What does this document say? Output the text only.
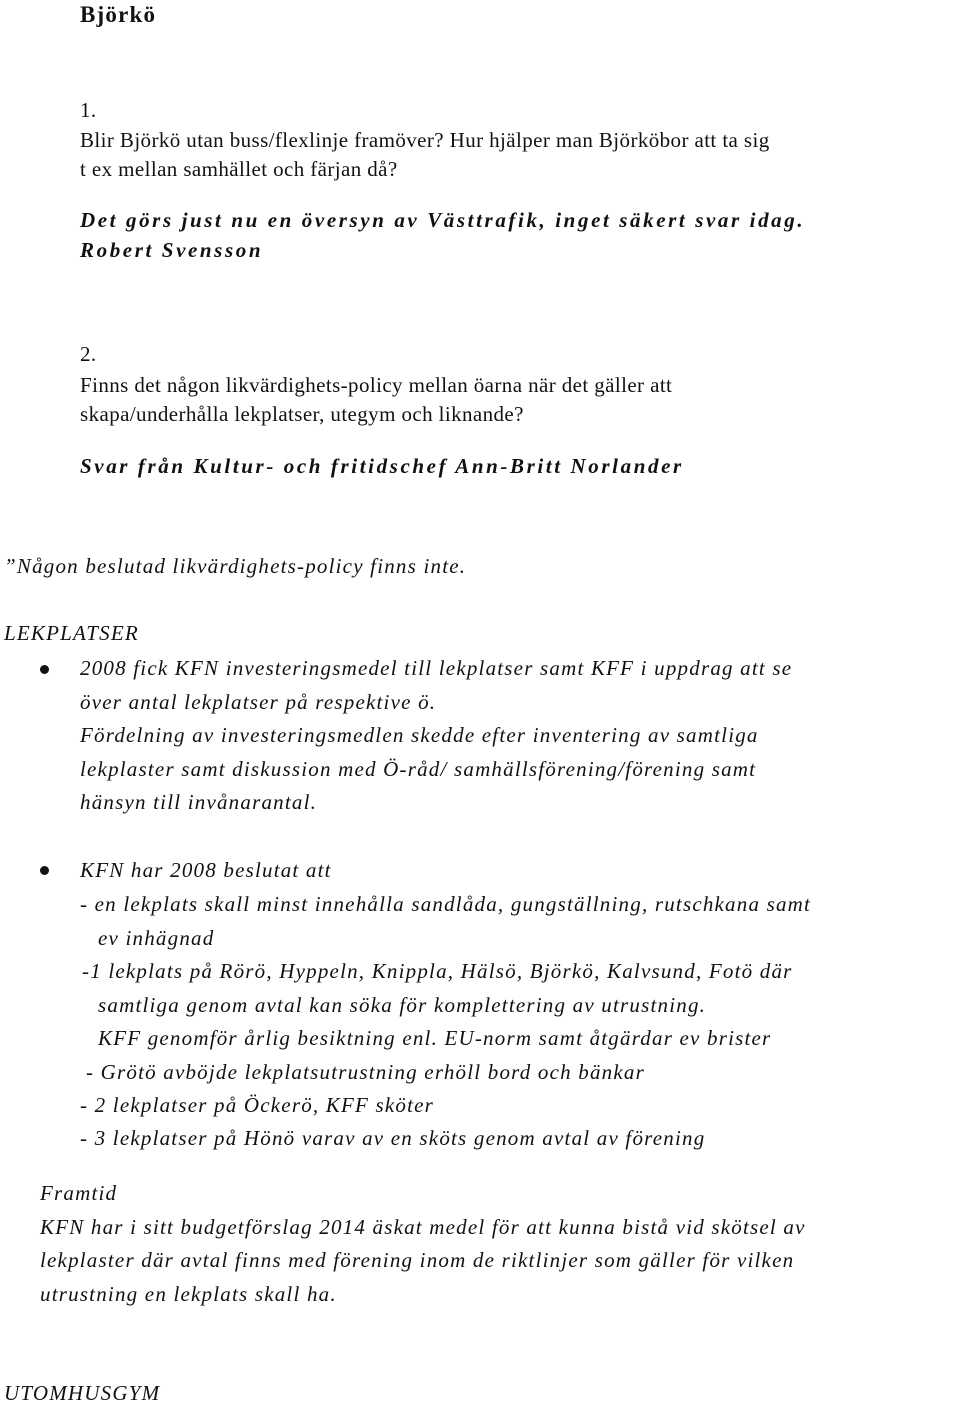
Björkö
1.
Blir Björkö utan buss/flexlinje framöver? Hur hjälper man Björköbor att ta sig
t ex mellan samhället och färjan då?
Det görs just nu en översyn av Västtrafik, inget säkert svar idag.
Robert Svensson
2.
Finns det någon likvärdighets-policy mellan öarna när det gäller att
skapa/underhålla lekplatser, utegym och liknande?
Svar från Kultur- och fritidschef Ann-Britt Norlander
”Någon beslutad likvärdighets-policy finns inte.
LEKPLATSER
2008 fick KFN investeringsmedel till lekplatser samt KFF i uppdrag att se
över antal lekplatser på respektive ö.
Fördelning av investeringsmedlen skedde efter inventering av samtliga
lekplaster samt diskussion med Ö-råd/ samhällsförening/förening samt
hänsyn till invånarantal.
KFN har 2008 beslutat att
- en lekplats skall minst innehålla sandlåda, gungställning, rutschkana samt
ev inhägnad
-1 lekplats på Rörö, Hyppeln, Knippla, Hälsö, Björkö, Kalvsund, Fotö där
samtliga genom avtal kan söka för komplettering av utrustning.
KFF genomför årlig besiktning enl. EU-norm samt åtgärdar ev brister
- Grötö avböjde lekplatsutrustning erhöll bord och bänkar
- 2 lekplatser på Öckerö, KFF sköter
- 3 lekplatser på Hönö varav av en sköts genom avtal av förening
Framtid
KFN har i sitt budgetförslag 2014 äskat medel för att kunna bistå vid skötsel av
lekplaster där avtal finns med förening inom de riktlinjer som gäller för vilken
utrustning en lekplats skall ha.
UTOMHUSGYM
